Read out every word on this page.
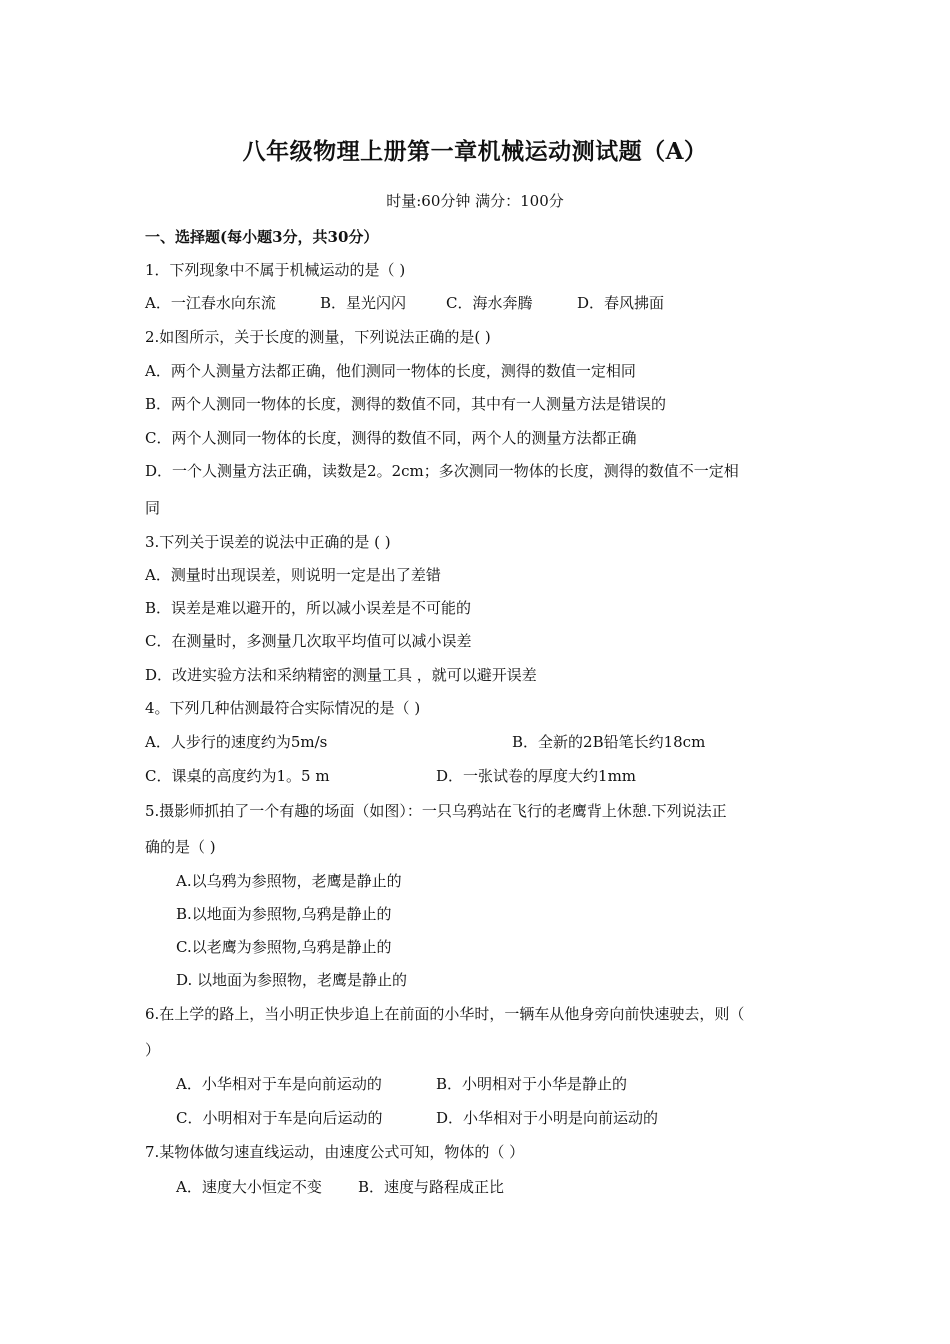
八年级物理上册第一章机械运动测试题（A）
时量:60分钟 满分：100分
一、选择题(每小题3分，共30分）
1．下列现象中不属于机械运动的是（ )
A．一江春水向东流	B．星光闪闪	C．海水奔腾	D．春风拂面
2.如图所示，关于长度的测量，下列说法正确的是( )
A．两个人测量方法都正确，他们测同一物体的长度，测得的数值一定相同
B．两个人测同一物体的长度，测得的数值不同，其中有一人测量方法是错误的
C．两个人测同一物体的长度，测得的数值不同，两个人的测量方法都正确
D．一个人测量方法正确，读数是2。2cm；多次测同一物体的长度，测得的数值不一定相
同
3.下列关于误差的说法中正确的是 ( )
A．测量时出现误差，则说明一定是出了差错
B．误差是难以避开的，所以减小误差是不可能的
C．在测量时，多测量几次取平均值可以减小误差
D．改进实验方法和采纳精密的测量工具 ，就可以避开误差
4。下列几种估测最符合实际情况的是（ )
A．人步行的速度约为5m/s	B．全新的2B铅笔长约18cm
C．课桌的高度约为1。5 m	D．一张试卷的厚度大约1mm
5.摄影师抓拍了一个有趣的场面（如图）：一只乌鸦站在飞行的老鹰背上休憩.下列说法正
确的是（ )
A.以乌鸦为参照物，老鹰是静止的
B.以地面为参照物,乌鸦是静止的
C.以老鹰为参照物,乌鸦是静止的
D. 以地面为参照物，老鹰是静止的
6.在上学的路上，当小明正快步追上在前面的小华时，一辆车从他身旁向前快速驶去，则（
）
A．小华相对于车是向前运动的	B．小明相对于小华是静止的
C．小明相对于车是向后运动的	D．小华相对于小明是向前运动的
7.某物体做匀速直线运动，由速度公式可知，物体的（ ）
A．速度大小恒定不变 B．速度与路程成正比
